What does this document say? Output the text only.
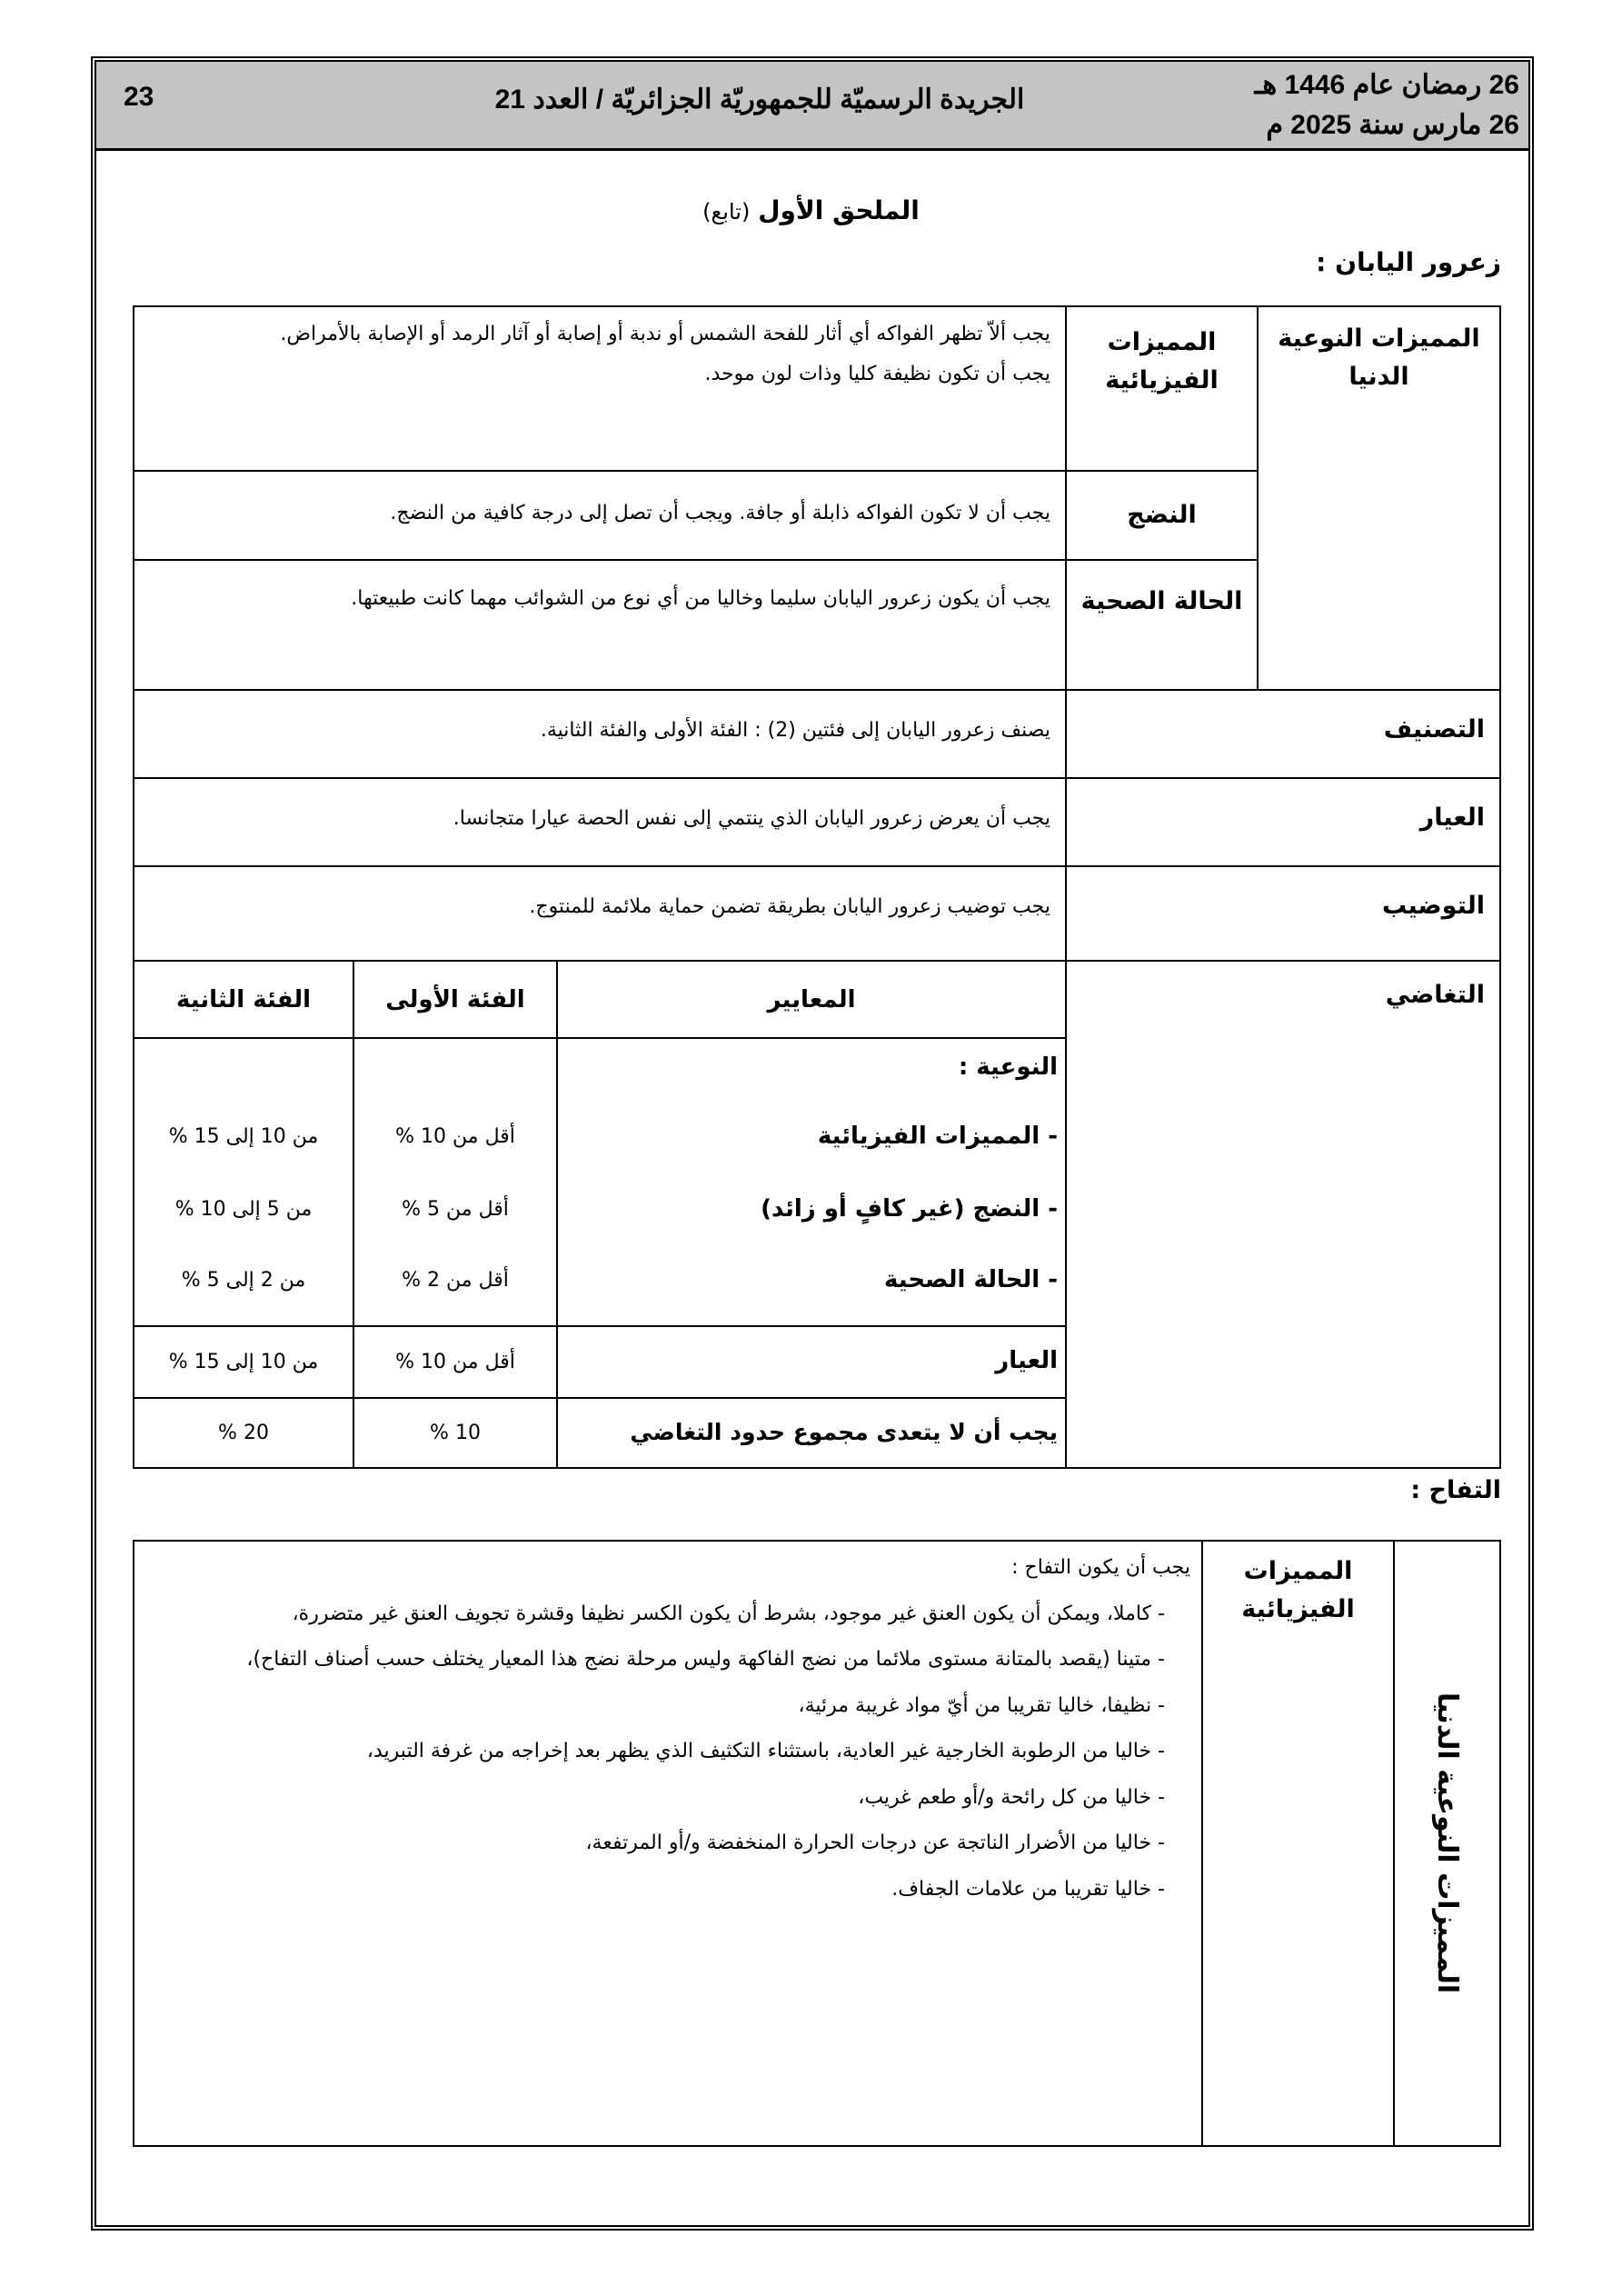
23	الجريدة الرسميّة للجمهوريّة الجزائريّة / العدد 21	26 رمضان عام 1446 هـ
26 مارس سنة 2025 م
الملحق الأول (تابع)
زعرور اليابان :
المميزات النوعية الدنيا
المميزات الفيزيائية
يجب ألاّ تظهر الفواكه أي أثار للفحة الشمس أو ندبة أو إصابة أو آثار الرمد أو الإصابة بالأمراض.
يجب أن تكون نظيفة كليا وذات لون موحد.
النضج
يجب أن لا تكون الفواكه ذابلة أو جافة. ويجب أن تصل إلى درجة كافية من النضج.
الحالة الصحية
يجب أن يكون زعرور اليابان سليما وخاليا من أي نوع من الشوائب مهما كانت طبيعتها.
التصنيف
يصنف زعرور اليابان إلى فئتين (2) : الفئة الأولى والفئة الثانية.
العيار
يجب أن يعرض زعرور اليابان الذي ينتمي إلى نفس الحصة عيارا متجانسا.
التوضيب
يجب توضيب زعرور اليابان بطريقة تضمن حماية ملائمة للمنتوج.
التغاضي
المعايير
الفئة الأولى
الفئة الثانية
النوعية :
- المميزات الفيزيائية
- النضج (غير كافٍ أو زائد)
- الحالة الصحية
أقل من 10 %
أقل من 5 %
أقل من 2 %
من 10 إلى 15 %
من 5 إلى 10 %
من 2 إلى 5 %
العيار
أقل من 10 %
من 10 إلى 15 %
يجب أن لا يتعدى مجموع حدود التغاضي
10 %
20 %
التفاح :
المميزات النوعية الدنيا
المميزات الفيزيائية
يجب أن يكون التفاح :
- كاملا، ويمكن أن يكون العنق غير موجود، بشرط أن يكون الكسر نظيفا وقشرة تجويف العنق غير متضررة،
- متينا (يقصد بالمتانة مستوى ملائما من نضج الفاكهة وليس مرحلة نضج هذا المعيار يختلف حسب أصناف التفاح)،
- نظيفا، خاليا تقريبا من أيّ مواد غريبة مرئية،
- خاليا من الرطوبة الخارجية غير العادية، باستثناء التكثيف الذي يظهر بعد إخراجه من غرفة التبريد،
- خاليا من كل رائحة و/أو طعم غريب،
- خاليا من الأضرار الناتجة عن درجات الحرارة المنخفضة و/أو المرتفعة،
- خاليا تقريبا من علامات الجفاف.
